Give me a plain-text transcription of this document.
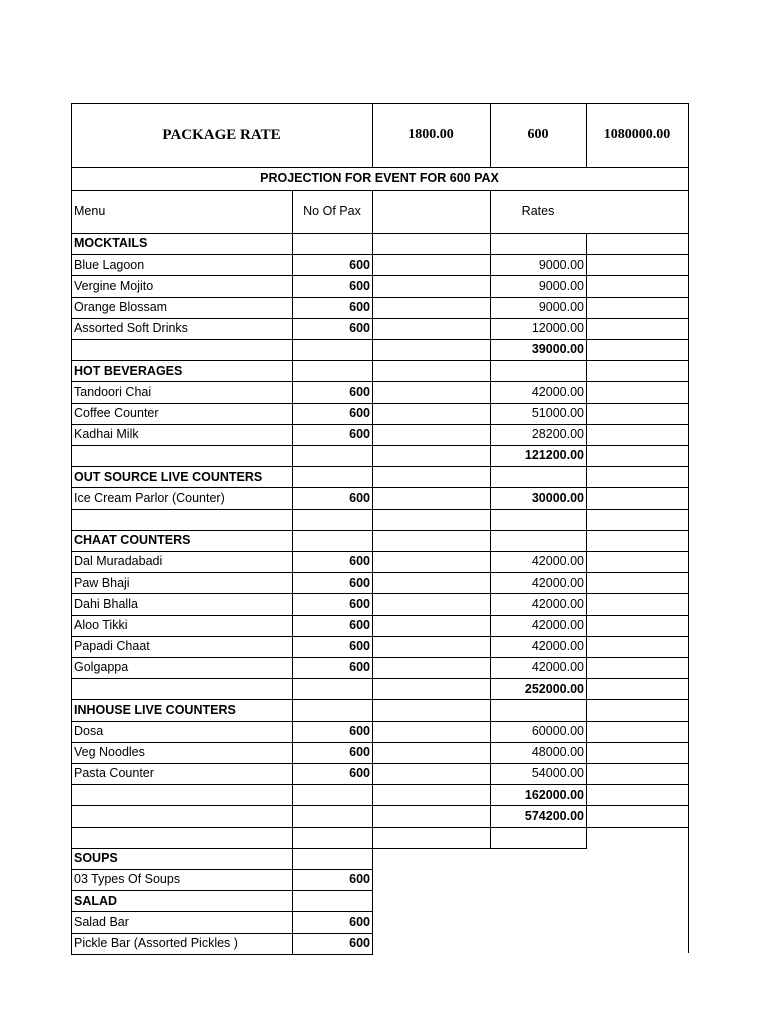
PACKAGE RATE	1800.00	600	1080000.00
PROJECTION FOR EVENT FOR 600 PAX
Menu	No Of Pax	Rates
MOCKTAILS
Blue Lagoon	600	9000.00
Vergine Mojito	600	9000.00
Orange Blossam	600	9000.00
Assorted Soft Drinks	600	12000.00
39000.00
HOT BEVERAGES
Tandoori Chai	600	42000.00
Coffee Counter	600	51000.00
Kadhai Milk	600	28200.00
121200.00
OUT SOURCE LIVE COUNTERS
Ice Cream Parlor (Counter)	600	30000.00
CHAAT COUNTERS
Dal Muradabadi	600	42000.00
Paw Bhaji	600	42000.00
Dahi Bhalla	600	42000.00
Aloo Tikki	600	42000.00
Papadi Chaat	600	42000.00
Golgappa	600	42000.00
252000.00
INHOUSE LIVE COUNTERS
Dosa	600	60000.00
Veg Noodles	600	48000.00
Pasta Counter	600	54000.00
162000.00
574200.00
SOUPS
03 Types Of Soups	600
SALAD
Salad Bar	600
Pickle Bar (Assorted Pickles )	600
